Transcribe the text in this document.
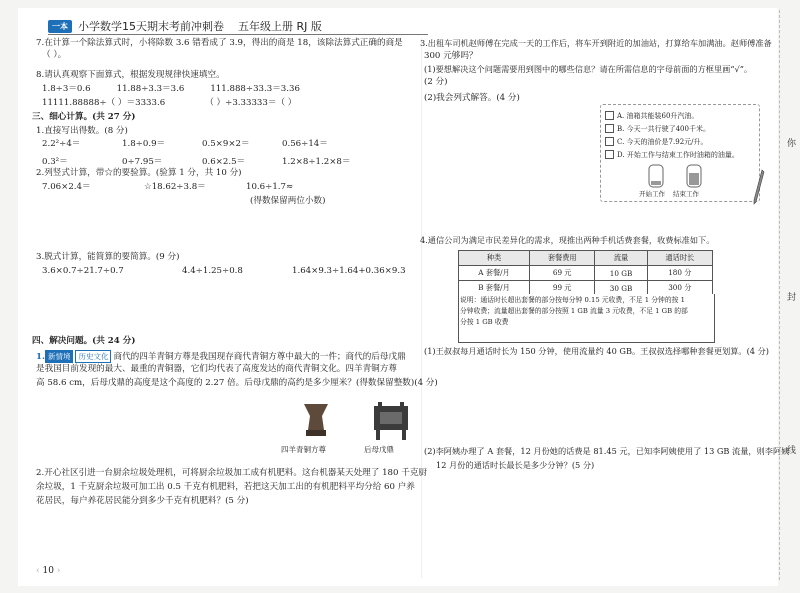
一本 小学数学15天期末考前冲刺卷 五年级上册 RJ 版
7.在计算一个除法算式时，小将除数 3.6 错看成了 3.9，得出的商是 18，该除法算式正确的商是
（ ）。
8.请认真观察下面算式，根据发现规律快速填空。
1.8÷3＝0.6	11.88÷3.3＝3.6	111.888÷33.3＝3.36
11111.88888÷（ ）＝3333.6	（ ）÷3.33333＝（ ）
三、细心计算。(共 27 分)
1.直接写出得数。(8 分)
2.2²÷4＝	1.8÷0.9＝	0.5×9×2＝	0.56÷14＝
0.3²＝	0÷7.95＝	0.6×2.5＝	1.2×8÷1.2×8＝
2.列竖式计算，带☆的要验算。(验算 1 分，共 10 分)
7.06×2.4＝	☆18.62÷3.8＝	10.6÷1.7≈
(得数保留两位小数)
3.脱式计算，能简算的要简算。(9 分)
3.6×0.7÷21.7÷0.7	4.4÷1.25÷0.8	1.64×9.3÷1.64+0.36×9.3
四、解决问题。(共 24 分)
1. 新情境 历史文化 商代的四羊青铜方尊是我国现存商代青铜方尊中最大的一件；商代的后母戊鼎
是我国目前发现的最大、最重的青铜器，它们均代表了高度发达的商代青铜文化。四羊青铜方尊
高 58.6 cm，后母戊鼎的高度是这个高度的 2.27 倍。后母戊鼎的高约是多少厘米？(得数保留整数)(4 分)
四羊青铜方尊	后母戊鼎
2.开心社区引进一台厨余垃圾处理机，可将厨余垃圾加工成有机肥料。这台机器某天处理了 180 千克厨
余垃圾，1 千克厨余垃圾可加工出 0.5 千克有机肥料，若把这天加工出的有机肥料平均分给 60 户养
花居民，每户养花居民能分到多少千克有机肥料？(5 分)
3.出租车司机赵师傅在完成一天的工作后，将车开到附近的加油站，打算给车加满油。赵师傅准备
300 元够吗？
(1)要想解决这个问题需要用到图中的哪些信息？请在所需信息的字母前面的方框里画“√”。
(2 分)
(2)我会列式解答。(4 分)
A. 油箱共能装60升汽油。
B. 今天一共行驶了400千米。
C. 今天的油价是7.92元/升。
D. 开始工作与结束工作时油箱的油量。
开始工作 结束工作
4.通信公司为满足市民差异化的需求，现推出两种手机话费套餐，收费标准如下。
种类	套餐费用	流量	通话时长
A 套餐/月	69 元	10 GB	180 分
B 套餐/月	99 元	30 GB	300 分
说明：通话时长超出套餐的部分按每分钟 0.15 元收费，不足 1 分钟的按 1
分钟收费；流量超出套餐的部分按照 1 GB 流量 3 元收费，不足 1 GB 的部
分按 1 GB 收费
(1)王叔叔每月通话时长为 150 分钟，使用流量约 40 GB。王叔叔选择哪种套餐更划算。(4 分)
(2)李阿姨办理了 A 套餐，12 月份她的话费是 81.45 元，已知李阿姨使用了 13 GB 流量，则李阿姨
12 月份的通话时长最长是多少分钟？(5 分)
你
封
线
‹ 10 ›
